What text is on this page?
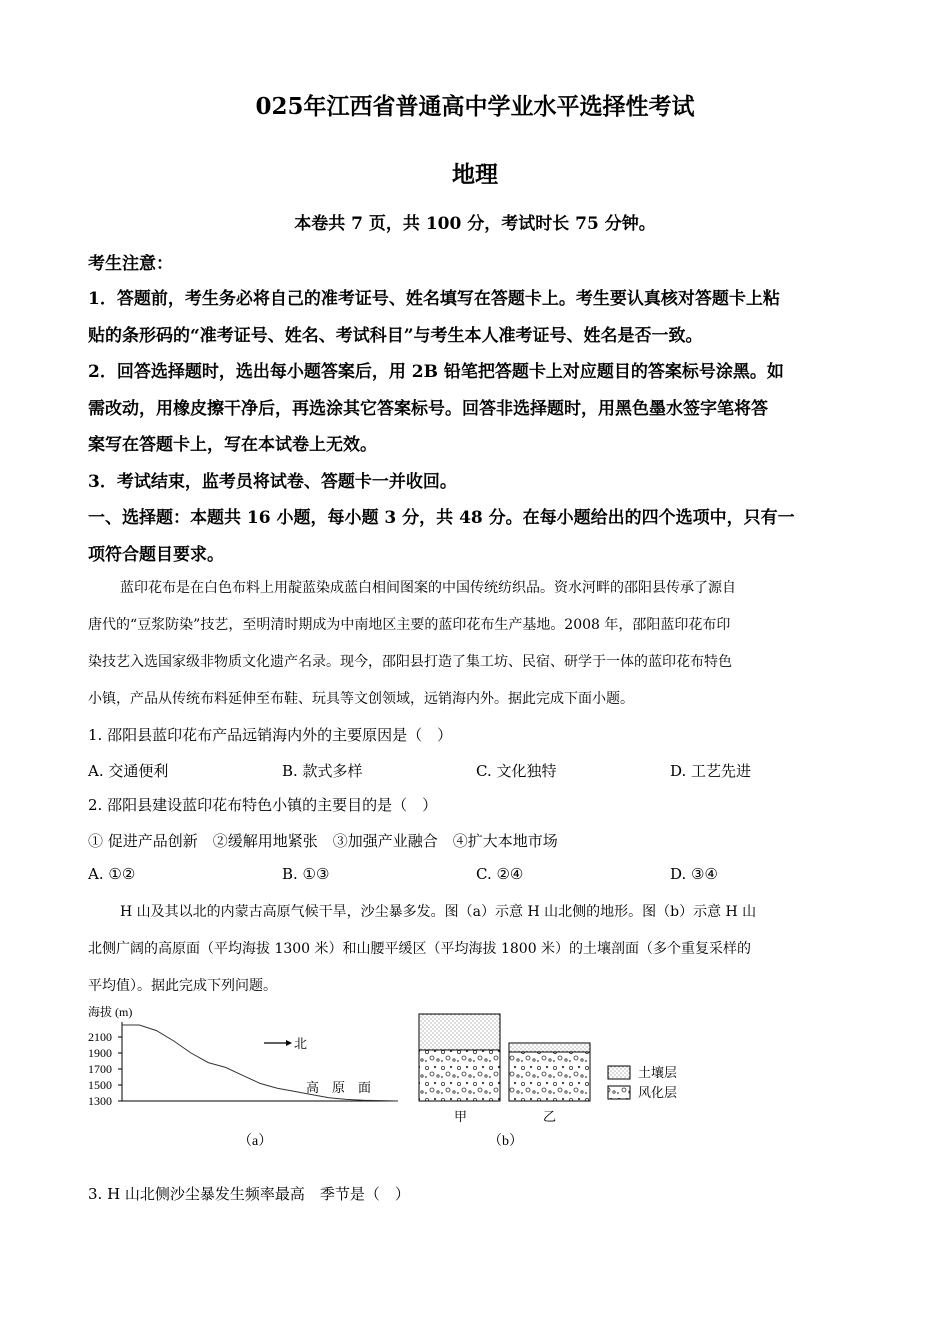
025年江西省普通高中学业水平选择性考试
地理
本卷共 7 页，共 100 分，考试时长 75 分钟。
考生注意：
1．答题前，考生务必将自己的准考证号、姓名填写在答题卡上。考生要认真核对答题卡上粘
贴的条形码的“准考证号、姓名、考试科目”与考生本人准考证号、姓名是否一致。
2．回答选择题时，选出每小题答案后，用 2B 铅笔把答题卡上对应题目的答案标号涂黑。如
需改动，用橡皮擦干净后，再选涂其它答案标号。回答非选择题时，用黑色墨水签字笔将答
案写在答题卡上，写在本试卷上无效。
3．考试结束，监考员将试卷、答题卡一并收回。
一、选择题：本题共 16 小题，每小题 3 分，共 48 分。在每小题给出的四个选项中，只有一
项符合题目要求。
蓝印花布是在白色布料上用靛蓝染成蓝白相间图案的中国传统纺织品。资水河畔的邵阳县传承了源自
唐代的“豆浆防染”技艺，至明清时期成为中南地区主要的蓝印花布生产基地。2008 年，邵阳蓝印花布印
染技艺入选国家级非物质文化遗产名录。现今，邵阳县打造了集工坊、民宿、研学于一体的蓝印花布特色
小镇，产品从传统布料延伸至布鞋、玩具等文创领域，远销海内外。据此完成下面小题。
1. 邵阳县蓝印花布产品远销海内外的主要原因是（　）
A. 交通便利	B. 款式多样	C. 文化独特	D. 工艺先进
2. 邵阳县建设蓝印花布特色小镇的主要目的是（　）
① 促进产品创新　②缓解用地紧张　③加强产业融合　④扩大本地市场
A. ①②	B. ①③	C. ②④	D. ③④
H 山及其以北的内蒙古高原气候干旱，沙尘暴多发。图（a）示意 H 山北侧的地形。图（b）示意 H 山
北侧广阔的高原面（平均海拔 1300 米）和山腰平缓区（平均海拔 1800 米）的土壤剖面（多个重复采样的
平均值）。据此完成下列问题。
海拔 (m)
2100
1900
1700
1500
1300
北
高　原　面
（a）
甲	乙
土壤层
风化层
（b）
3. H 山北侧沙尘暴发生频率最高　季节是（　）
